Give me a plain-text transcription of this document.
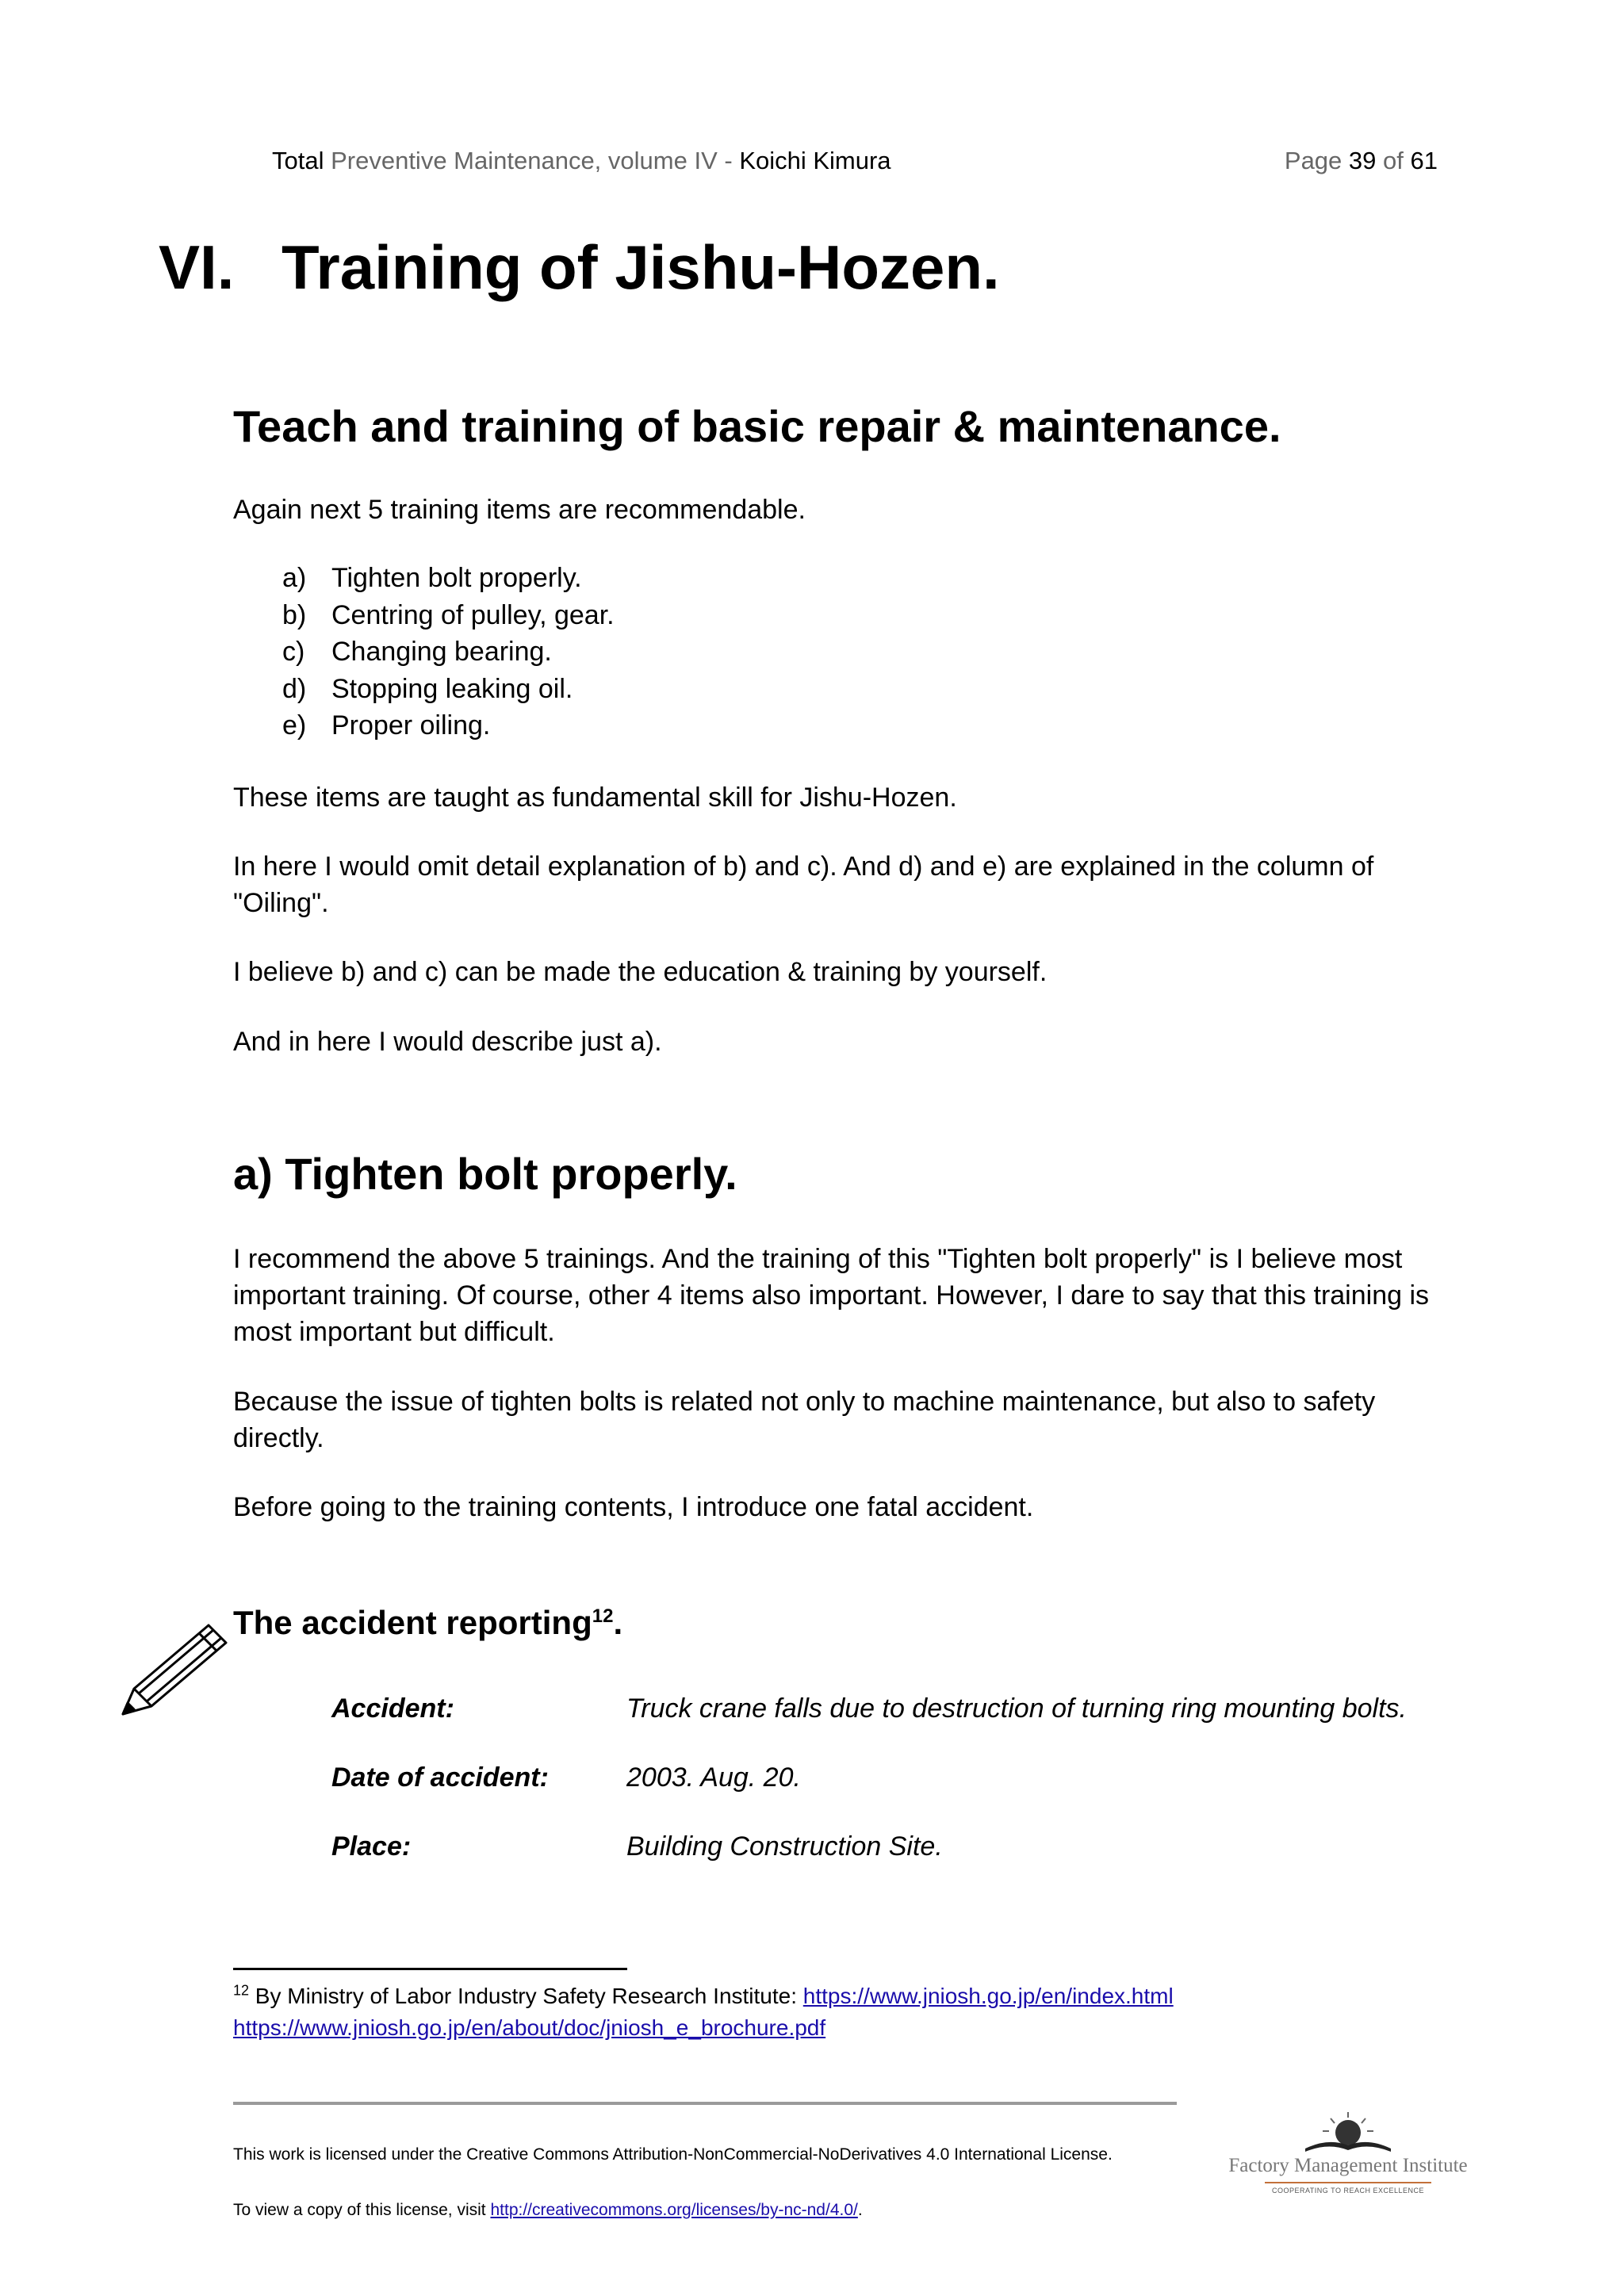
Total Preventive Maintenance, volume IV - Koichi Kimura	Page 39 of 61
VI. Training of Jishu-Hozen.
Teach and training of basic repair & maintenance.
Again next 5 training items are recommendable.
a) Tighten bolt properly.
b) Centring of pulley, gear.
c) Changing bearing.
d) Stopping leaking oil.
e) Proper oiling.
These items are taught as fundamental skill for Jishu-Hozen.
In here I would omit detail explanation of b) and c). And d) and e) are explained in the column of "Oiling".
I believe b) and c) can be made the education & training by yourself.
And in here I would describe just a).
a) Tighten bolt properly.
I recommend the above 5 trainings. And the training of this "Tighten bolt properly" is I believe most important training. Of course, other 4 items also important. However, I dare to say that this training is most important but difficult.
Because the issue of tighten bolts is related not only to machine maintenance, but also to safety directly.
Before going to the training contents, I introduce one fatal accident.
The accident reporting$^{12}$.
Accident:	Truck crane falls due to destruction of turning ring mounting bolts.
Date of accident:	2003. Aug. 20.
Place:	Building Construction Site.
$^{12}$ By Ministry of Labor Industry Safety Research Institute: https://www.jniosh.go.jp/en/index.html
https://www.jniosh.go.jp/en/about/doc/jniosh_e_brochure.pdf
This work is licensed under the Creative Commons Attribution-NonCommercial-NoDerivatives 4.0 International License.
To view a copy of this license, visit http://creativecommons.org/licenses/by-nc-nd/4.0/.
Factory Management Institute
COOPERATING TO REACH EXCELLENCE
